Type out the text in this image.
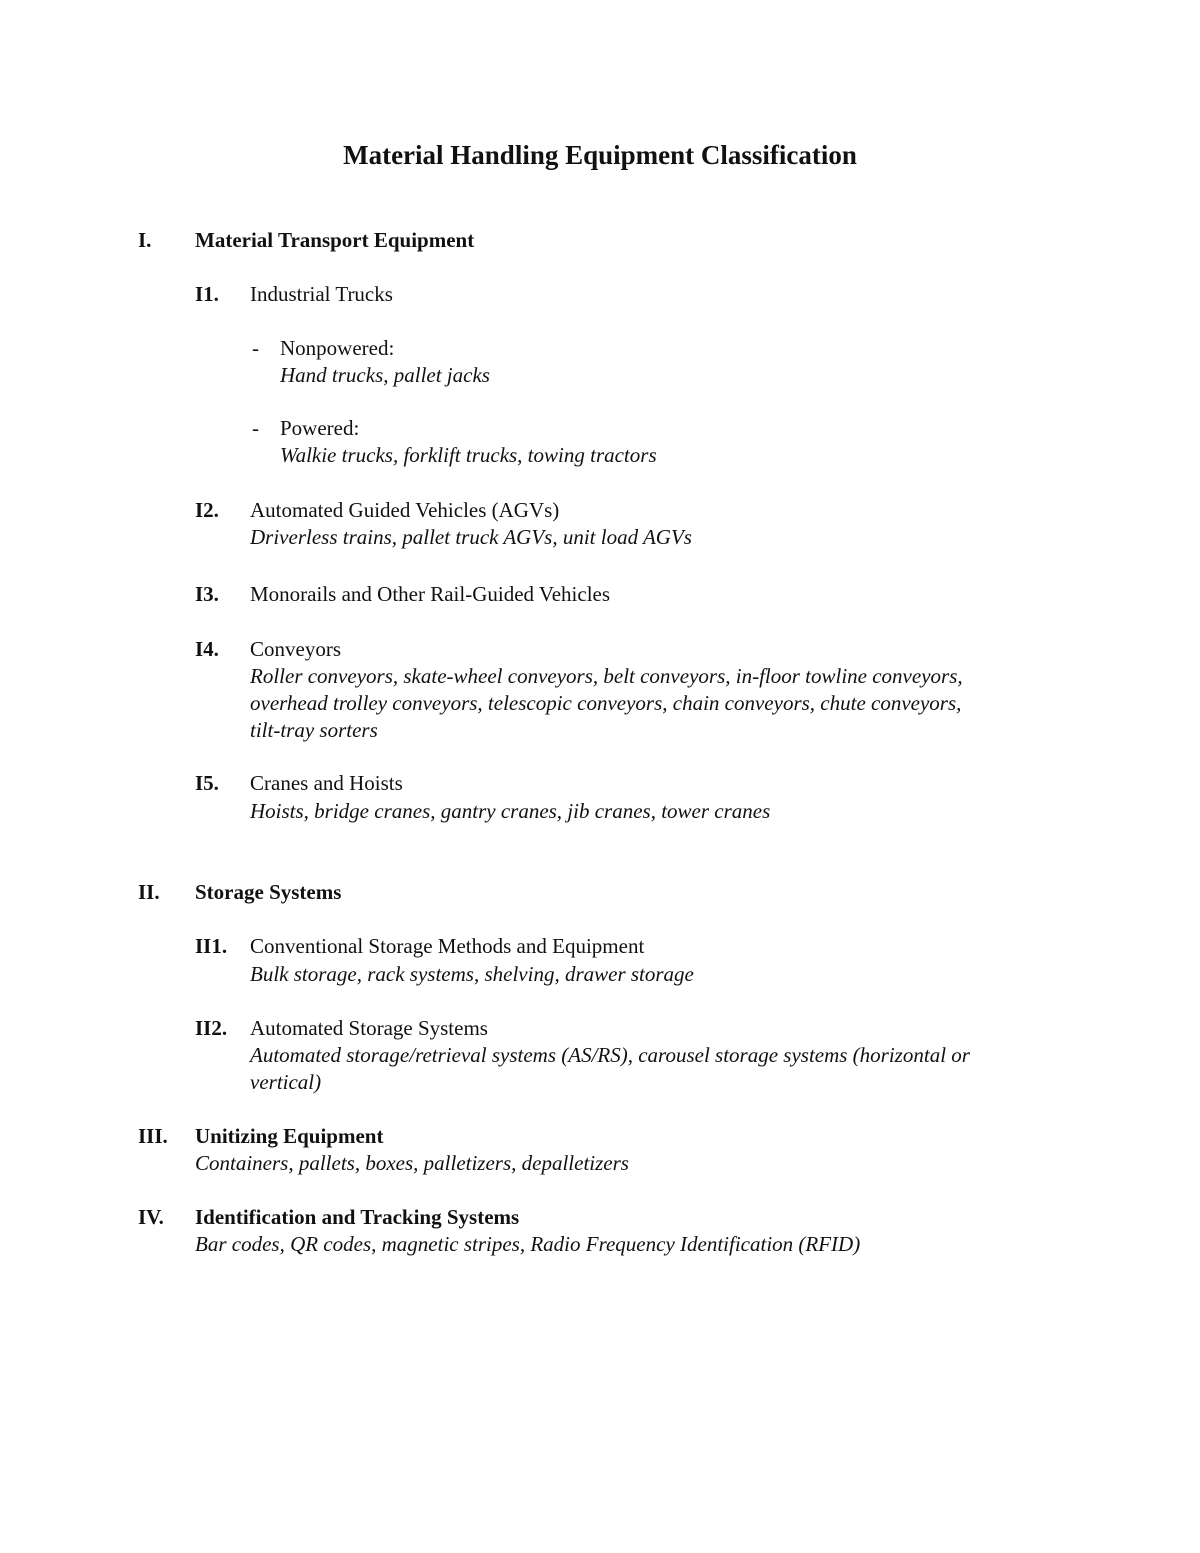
Material Handling Equipment Classification
I. Material Transport Equipment
I1. Industrial Trucks
- Nonpowered:
Hand trucks, pallet jacks
- Powered:
Walkie trucks, forklift trucks, towing tractors
I2. Automated Guided Vehicles (AGVs)
Driverless trains, pallet truck AGVs, unit load AGVs
I3. Monorails and Other Rail-Guided Vehicles
I4. Conveyors
Roller conveyors, skate-wheel conveyors, belt conveyors, in-floor towline conveyors,
overhead trolley conveyors, telescopic conveyors, chain conveyors, chute conveyors,
tilt-tray sorters
I5. Cranes and Hoists
Hoists, bridge cranes, gantry cranes, jib cranes, tower cranes
II. Storage Systems
II1. Conventional Storage Methods and Equipment
Bulk storage, rack systems, shelving, drawer storage
II2. Automated Storage Systems
Automated storage/retrieval systems (AS/RS), carousel storage systems (horizontal or
vertical)
III. Unitizing Equipment
Containers, pallets, boxes, palletizers, depalletizers
IV. Identification and Tracking Systems
Bar codes, QR codes, magnetic stripes, Radio Frequency Identification (RFID)
